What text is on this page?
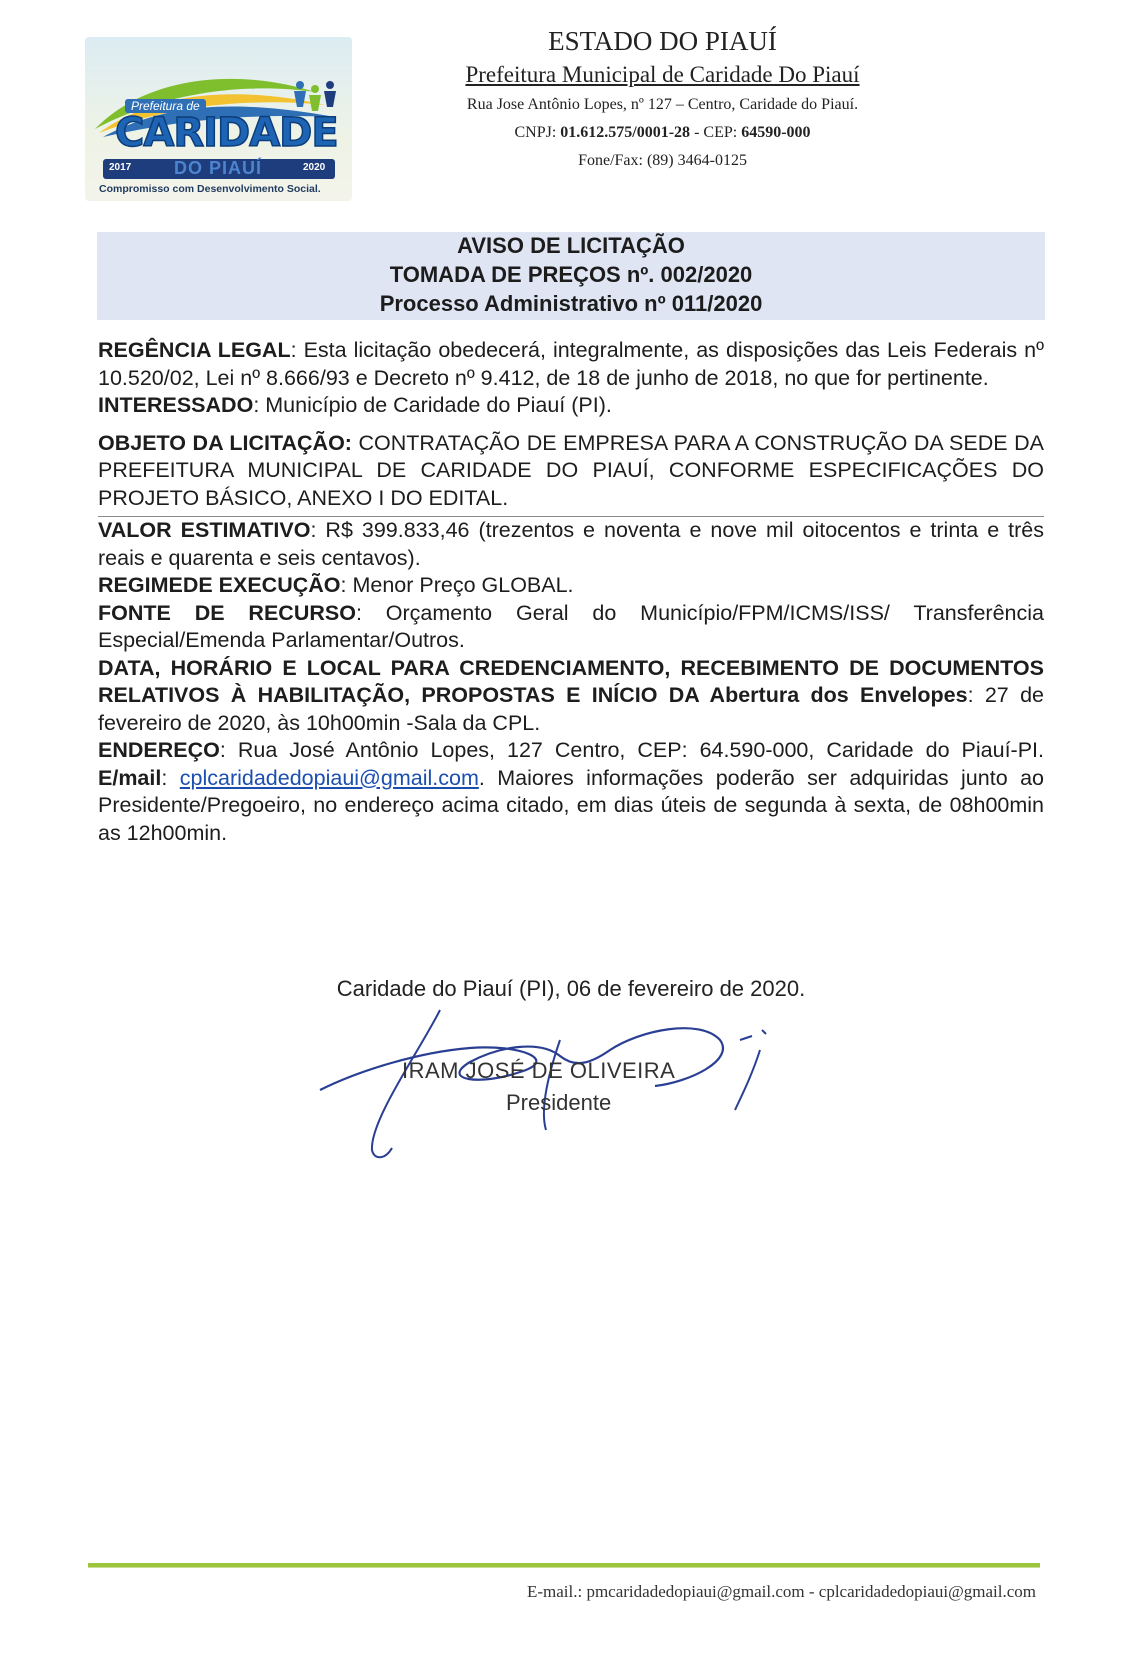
Prefeitura de
CARIDADE
2017	DO PIAUÍ	2020
Compromisso com Desenvolvimento Social.
ESTADO DO PIAUÍ
Prefeitura Municipal de Caridade Do Piauí
Rua Jose Antônio Lopes, nº 127 – Centro, Caridade do Piauí.
CNPJ: 01.612.575/0001-28 - CEP: 64590-000
Fone/Fax: (89) 3464-0125
AVISO DE LICITAÇÃO
TOMADA DE PREÇOS nº. 002/2020
Processo Administrativo nº 011/2020

REGÊNCIA LEGAL: Esta licitação obedecerá, integralmente, as disposições das Leis Federais nº 10.520/02, Lei nº 8.666/93 e Decreto nº 9.412, de 18 de junho de 2018, no que for pertinente.

INTERESSADO: Município de Caridade do Piauí (PI).

OBJETO DA LICITAÇÃO: CONTRATAÇÃO DE EMPRESA PARA A CONSTRUÇÃO DA SEDE DA PREFEITURA MUNICIPAL DE CARIDADE DO PIAUÍ, CONFORME ESPECIFICAÇÕES DO PROJETO BÁSICO, ANEXO I DO EDITAL.

VALOR ESTIMATIVO: R$ 399.833,46 (trezentos e noventa e nove mil oitocentos e trinta e três reais e quarenta e seis centavos).

REGIMEDE EXECUÇÃO: Menor Preço GLOBAL.

FONTE DE RECURSO: Orçamento Geral do Município/FPM/ICMS/ISS/ Transferência Especial/Emenda Parlamentar/Outros.

DATA, HORÁRIO E LOCAL PARA CREDENCIAMENTO, RECEBIMENTO DE DOCUMENTOS RELATIVOS À HABILITAÇÃO, PROPOSTAS E INÍCIO DA Abertura dos Envelopes: 27 de fevereiro de 2020, às 10h00min -Sala da CPL.

ENDEREÇO: Rua José Antônio Lopes, 127 Centro, CEP: 64.590-000, Caridade do Piauí-PI. E/mail: cplcaridadedopiaui@gmail.com. Maiores informações poderão ser adquiridas junto ao Presidente/Pregoeiro, no endereço acima citado, em dias úteis de segunda à sexta, de 08h00min as 12h00min.

Caridade do Piauí (PI), 06 de fevereiro de 2020.
IRAM JOSÉ DE OLIVEIRA
Presidente
E-mail.: pmcaridadedopiaui@gmail.com - cplcaridadedopiaui@gmail.com
